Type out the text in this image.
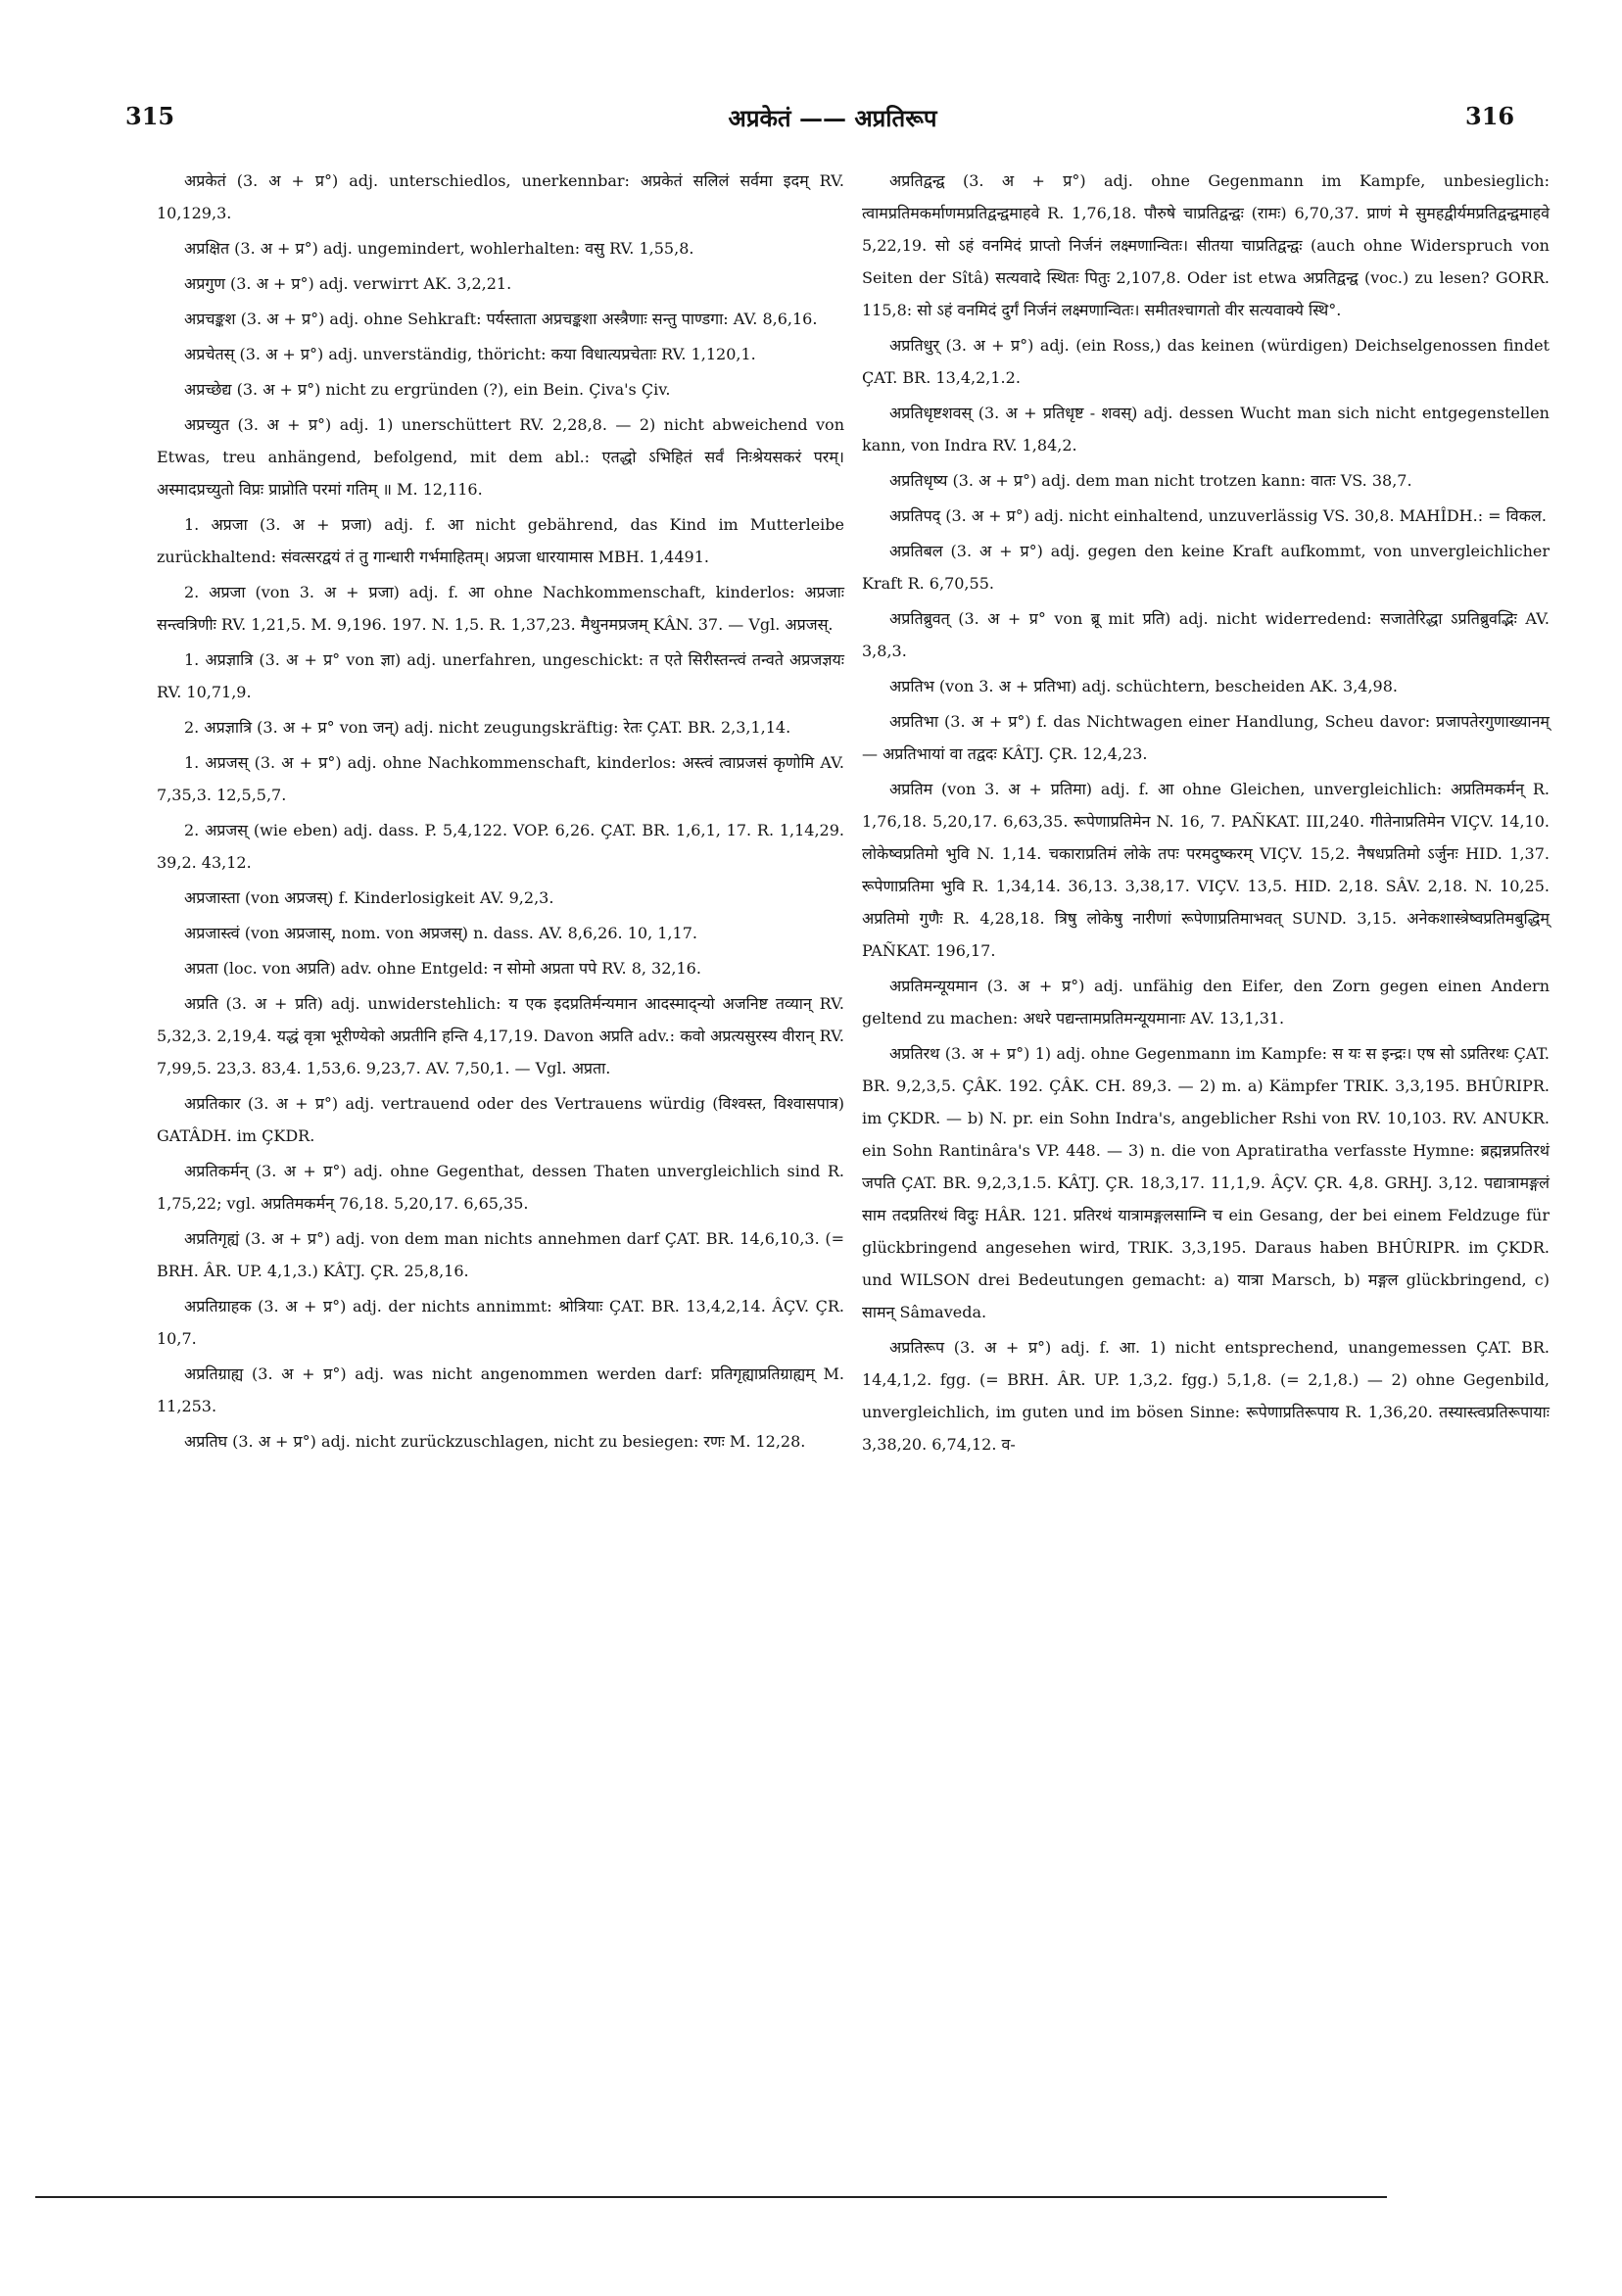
315	अप्रकेतं —— अप्रतिरूप	316

अप्रकेतं (3. अ + प्र°) adj. unterschiedlos, unerkennbar: अप्रकेतं सलिलं सर्वमा इदम् RV. 10,129,3.

अप्रक्षित (3. अ + प्र°) adj. ungemindert, wohlerhalten: वसु RV. 1,55,8.

अप्रगुण (3. अ + प्र°) adj. verwirrt AK. 3,2,21.

अप्रचङ्कश (3. अ + प्र°) adj. ohne Sehkraft: पर्यस्ताता अप्रचङ्कशा अस्त्रैणाः सन्तु पाण्डगा: AV. 8,6,16.

अप्रचेतस् (3. अ + प्र°) adj. unverständig, thöricht: कया विधात्यप्रचेताः RV. 1,120,1.

अप्रच्छेद्य (3. अ + प्र°) nicht zu ergründen (?), ein Bein. Çiva's Çiv.

अप्रच्युत (3. अ + प्र°) adj. 1) unerschüttert RV. 2,28,8. — 2) nicht abweichend von Etwas, treu anhängend, befolgend, mit dem abl.: एतद्धो ऽभिहितं सर्वं निःश्रेयसकरं परम्। अस्मादप्रच्युतो विप्रः प्राप्नोति परमां गतिम् ॥ M. 12,116.

1. अप्रजा (3. अ + प्रजा) adj. f. आ nicht gebährend, das Kind im Mutterleibe zurückhaltend: संवत्सरद्वयं तं तु गान्धारी गर्भमाहितम्। अप्रजा धारयामास MBH. 1,4491.

2. अप्रजा (von 3. अ + प्रजा) adj. f. आ ohne Nachkommenschaft, kinderlos: अप्रजाः सन्त्वत्रिणीः RV. 1,21,5. M. 9,196. 197. N. 1,5. R. 1,37,23. मैथुनमप्रजम् KÂN. 37. — Vgl. अप्रजस्.

1. अप्रज्ञात्रि (3. अ + प्र° von ज्ञा) adj. unerfahren, ungeschickt: त एते सिरीस्तन्त्वं तन्वते अप्रजज्ञयः RV. 10,71,9.

2. अप्रज्ञात्रि (3. अ + प्र° von जन्) adj. nicht zeugungskräftig: रेतः ÇAT. BR. 2,3,1,14.

1. अप्रजस् (3. अ + प्र°) adj. ohne Nachkommenschaft, kinderlos: अस्त्वं त्वाप्रजसं कृणोमि AV. 7,35,3. 12,5,5,7.

2. अप्रजस् (wie eben) adj. dass. P. 5,4,122. VOP. 6,26. ÇAT. BR. 1,6,1, 17. R. 1,14,29. 39,2. 43,12.

अप्रजास्ता (von अप्रजस्) f. Kinderlosigkeit AV. 9,2,3.

अप्रजास्त्वं (von अप्रजास्, nom. von अप्रजस्) n. dass. AV. 8,6,26. 10, 1,17.

अप्रता (loc. von अप्रति) adv. ohne Entgeld: न सोमो अप्रता पपे RV. 8, 32,16.

अप्रति (3. अ + प्रति) adj. unwiderstehlich: य एक इदप्रतिर्मन्यमान आदस्माद्न्यो अजनिष्ट तव्यान् RV. 5,32,3. 2,19,4. यद्धं वृत्रा भूरीण्येको अप्रतीनि हन्ति 4,17,19. Davon अप्रति adv.: कवो अप्रत्यसुरस्य वीरान् RV. 7,99,5. 23,3. 83,4. 1,53,6. 9,23,7. AV. 7,50,1. — Vgl. अप्रता.

अप्रतिकार (3. अ + प्र°) adj. vertrauend oder des Vertrauens würdig (विश्वस्त, विश्वासपात्र) GATÂDH. im ÇKDR.

अप्रतिकर्मन् (3. अ + प्र°) adj. ohne Gegenthat, dessen Thaten unvergleichlich sind R. 1,75,22; vgl. अप्रतिमकर्मन् 76,18. 5,20,17. 6,65,35.

अप्रतिगृह्यं (3. अ + प्र°) adj. von dem man nichts annehmen darf ÇAT. BR. 14,6,10,3. (= BRH. ÂR. UP. 4,1,3.) KÂTJ. ÇR. 25,8,16.

अप्रतिग्राहक (3. अ + प्र°) adj. der nichts annimmt: श्रोत्रियाः ÇAT. BR. 13,4,2,14. ÂÇV. ÇR. 10,7.

अप्रतिग्राह्य (3. अ + प्र°) adj. was nicht angenommen werden darf: प्रतिगृह्याप्रतिग्राह्यम् M. 11,253.

अप्रतिघ (3. अ + प्र°) adj. nicht zurückzuschlagen, nicht zu besiegen: रणः M. 12,28.

अप्रतिद्वन्द्व (3. अ + प्र°) adj. ohne Gegenmann im Kampfe, unbesieglich: त्वामप्रतिमकर्माणमप्रतिद्वन्द्वमाहवे R. 1,76,18. पौरुषे चाप्रतिद्वन्द्वः (रामः) 6,70,37. प्राणं मे सुमहद्वीर्यमप्रतिद्वन्द्वमाहवे 5,22,19. सो ऽहं वनमिदं प्राप्तो निर्जनं लक्ष्मणान्वितः। सीतया चाप्रतिद्वन्द्वः (auch ohne Widerspruch von Seiten der Sîtâ) सत्यवादे स्थितः पितुः 2,107,8. Oder ist etwa अप्रतिद्वन्द्व (voc.) zu lesen? GORR. 115,8: सो ऽहं वनमिदं दुर्गं निर्जनं लक्ष्मणान्वितः। समीतश्चागतो वीर सत्यवाक्ये स्थि°.

अप्रतिधुर् (3. अ + प्र°) adj. (ein Ross,) das keinen (würdigen) Deichselgenossen findet ÇAT. BR. 13,4,2,1.2.

अप्रतिधृष्टशवस् (3. अ + प्रतिधृष्ट - शवस्) adj. dessen Wucht man sich nicht entgegenstellen kann, von Indra RV. 1,84,2.

अप्रतिधृष्य (3. अ + प्र°) adj. dem man nicht trotzen kann: वातः VS. 38,7.

अप्रतिपद् (3. अ + प्र°) adj. nicht einhaltend, unzuverlässig VS. 30,8. MAHÎDH.: = विकल.

अप्रतिबल (3. अ + प्र°) adj. gegen den keine Kraft aufkommt, von unvergleichlicher Kraft R. 6,70,55.

अप्रतिब्रुवत् (3. अ + प्र° von ब्रू mit प्रति) adj. nicht widerredend: सजातेरिद्धा ऽप्रतिब्रुवद्भिः AV. 3,8,3.

अप्रतिभ (von 3. अ + प्रतिभा) adj. schüchtern, bescheiden AK. 3,4,98.

अप्रतिभा (3. अ + प्र°) f. das Nichtwagen einer Handlung, Scheu davor: प्रजापतेरगुणाख्यानम् — अप्रतिभायां वा तद्वदः KÂTJ. ÇR. 12,4,23.

अप्रतिम (von 3. अ + प्रतिमा) adj. f. आ ohne Gleichen, unvergleichlich: अप्रतिमकर्मन् R. 1,76,18. 5,20,17. 6,63,35. रूपेणाप्रतिमेन N. 16, 7. PAÑKAT. III,240. गीतेनाप्रतिमेन VIÇV. 14,10. लोकेष्वप्रतिमो भुवि N. 1,14. चकाराप्रतिमं लोके तपः परमदुष्करम् VIÇV. 15,2. नैषधप्रतिमो ऽर्जुनः HID. 1,37. रूपेणाप्रतिमा भुवि R. 1,34,14. 36,13. 3,38,17. VIÇV. 13,5. HID. 2,18. SÂV. 2,18. N. 10,25. अप्रतिमो गुणैः R. 4,28,18. त्रिषु लोकेषु नारीणां रूपेणाप्रतिमाभवत् SUND. 3,15. अनेकशास्त्रेष्वप्रतिमबुद्धिम् PAÑKAT. 196,17.

अप्रतिमन्यूयमान (3. अ + प्र°) adj. unfähig den Eifer, den Zorn gegen einen Andern geltend zu machen: अधरे पद्यन्तामप्रतिमन्यूयमानाः AV. 13,1,31.

अप्रतिरथ (3. अ + प्र°) 1) adj. ohne Gegenmann im Kampfe: स यः स इन्द्रः। एष सो ऽप्रतिरथः ÇAT. BR. 9,2,3,5. ÇÂK. 192. ÇÂK. CH. 89,3. — 2) m. a) Kämpfer TRIK. 3,3,195. BHÛRIPR. im ÇKDR. — b) N. pr. ein Sohn Indra's, angeblicher Rshi von RV. 10,103. RV. ANUKR. ein Sohn Rantinâra's VP. 448. — 3) n. die von Apratiratha verfasste Hymne: ब्रह्मन्नप्रतिरथं जपति ÇAT. BR. 9,2,3,1.5. KÂTJ. ÇR. 18,3,17. 11,1,9. ÂÇV. ÇR. 4,8. GRHJ. 3,12. पद्यात्रामङ्गलं साम तदप्रतिरथं विदुः HÂR. 121. प्रतिरथं यात्रामङ्गलसाम्नि च ein Gesang, der bei einem Feldzuge für glückbringend angesehen wird, TRIK. 3,3,195. Daraus haben BHÛRIPR. im ÇKDR. und WILSON drei Bedeutungen gemacht: a) यात्रा Marsch, b) मङ्गल glückbringend, c) सामन् Sâmaveda.

अप्रतिरूप (3. अ + प्र°) adj. f. आ. 1) nicht entsprechend, unangemessen ÇAT. BR. 14,4,1,2. fgg. (= BRH. ÂR. UP. 1,3,2. fgg.) 5,1,8. (= 2,1,8.) — 2) ohne Gegenbild, unvergleichlich, im guten und im bösen Sinne: रूपेणाप्रतिरूपाय R. 1,36,20. तस्यास्त्वप्रतिरूपायाः 3,38,20. 6,74,12. व-
